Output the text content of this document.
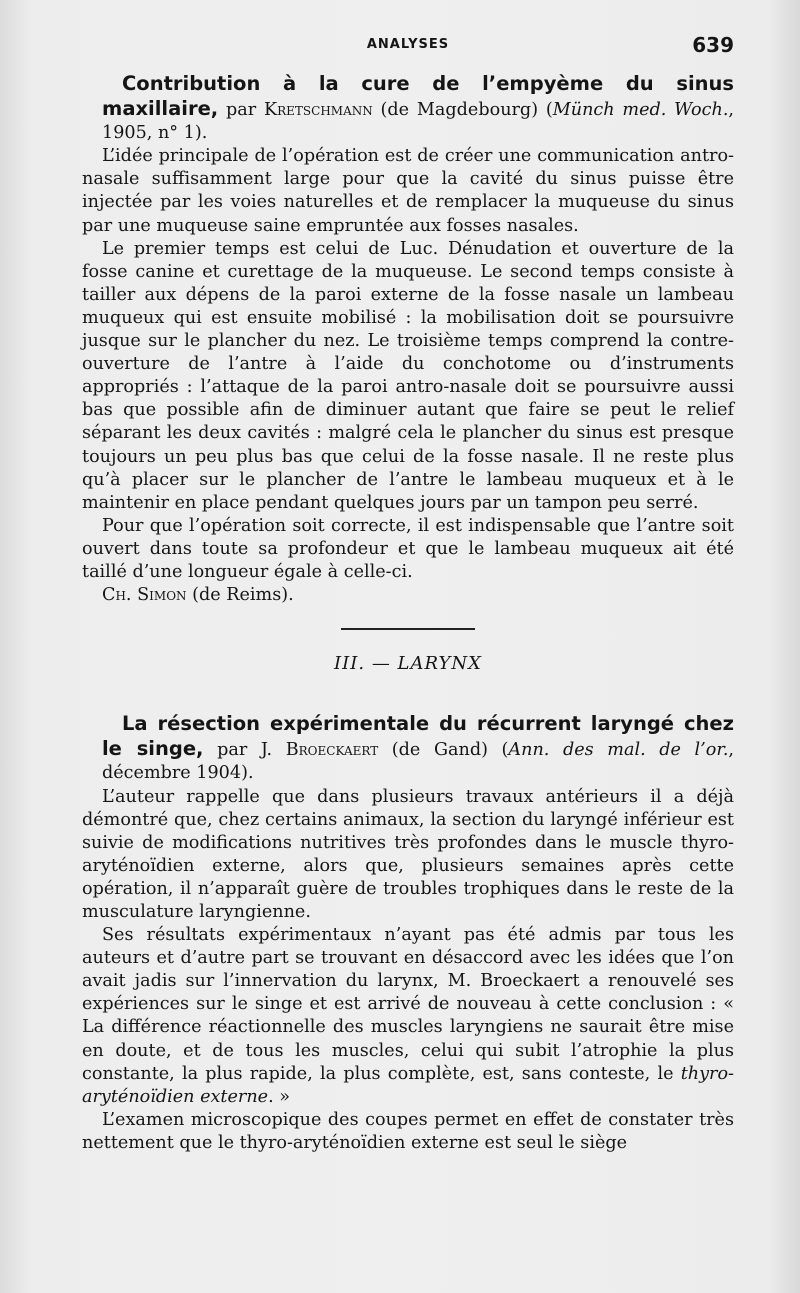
ANALYSES	639

Contribution à la cure de l’empyème du sinus maxillaire, par Kretschmann (de Magdebourg) (Münch med. Woch., 1905, n° 1).

L’idée principale de l’opération est de créer une communication antro-nasale suffisamment large pour que la cavité du sinus puisse être injectée par les voies naturelles et de remplacer la muqueuse du sinus par une muqueuse saine empruntée aux fosses nasales.

Le premier temps est celui de Luc. Dénudation et ouverture de la fosse canine et curettage de la muqueuse. Le second temps consiste à tailler aux dépens de la paroi externe de la fosse nasale un lambeau muqueux qui est ensuite mobilisé : la mobilisation doit se poursuivre jusque sur le plancher du nez. Le troisième temps comprend la contre-ouverture de l’antre à l’aide du conchotome ou d’instruments appropriés : l’attaque de la paroi antro-nasale doit se poursuivre aussi bas que possible afin de diminuer autant que faire se peut le relief séparant les deux cavités : malgré cela le plancher du sinus est presque toujours un peu plus bas que celui de la fosse nasale. Il ne reste plus qu’à placer sur le plancher de l’antre le lambeau muqueux et à le maintenir en place pendant quelques jours par un tampon peu serré.

Pour que l’opération soit correcte, il est indispensable que l’antre soit ouvert dans toute sa profondeur et que le lambeau muqueux ait été taillé d’une longueur égale à celle-ci.

Ch. Simon (de Reims).

III. — LARYNX

La résection expérimentale du récurrent laryngé chez le singe, par J. Broeckaert (de Gand) (Ann. des mal. de l’or., décembre 1904).

L’auteur rappelle que dans plusieurs travaux antérieurs il a déjà démontré que, chez certains animaux, la section du laryngé inférieur est suivie de modifications nutritives très profondes dans le muscle thyro-aryténoïdien externe, alors que, plusieurs semaines après cette opération, il n’apparaît guère de troubles trophiques dans le reste de la musculature laryngienne.

Ses résultats expérimentaux n’ayant pas été admis par tous les auteurs et d’autre part se trouvant en désaccord avec les idées que l’on avait jadis sur l’innervation du larynx, M. Broeckaert a renouvelé ses expériences sur le singe et est arrivé de nouveau à cette conclusion : « La différence réactionnelle des muscles laryngiens ne saurait être mise en doute, et de tous les muscles, celui qui subit l’atrophie la plus constante, la plus rapide, la plus complète, est, sans conteste, le thyro-aryténoïdien externe. »

L’examen microscopique des coupes permet en effet de constater très nettement que le thyro-aryténoïdien externe est seul le siège
